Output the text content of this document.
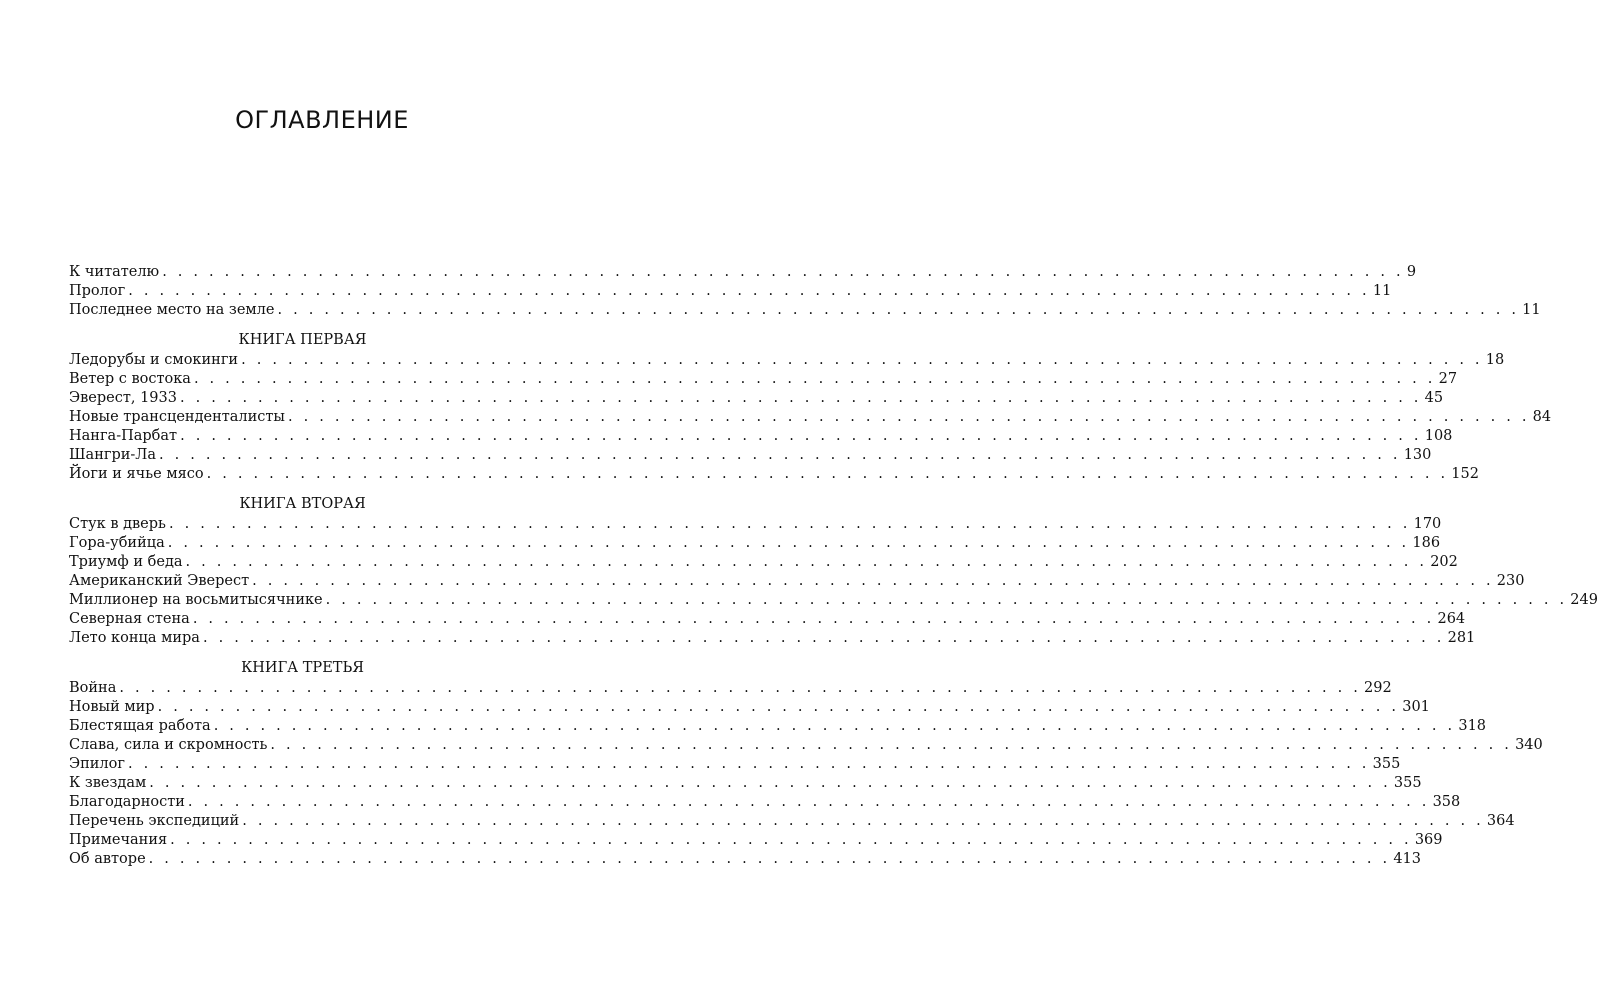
ОГЛАВЛЕНИЕ
К читателю . . . . . . . . . . . . . . . . . . . . . . . . . . . . . . . . . . . . . . . . . . . . . . . . . . . . . . . . . . . . . . . . . . . . . . . . . . . . . . . . 9
Пролог . . . . . . . . . . . . . . . . . . . . . . . . . . . . . . . . . . . . . . . . . . . . . . . . . . . . . . . . . . . . . . . . . . . . . . . . . . . . . . . . 11
Последнее место на земле . . . . . . . . . . . . . . . . . . . . . . . . . . . . . . . . . . . . . . . . . . . . . . . . . . . . . . . . . . . . . . . . . . . . . . . . . . . . . . . . 11
КНИГА ПЕРВАЯ
Ледорубы и смокинги . . . . . . . . . . . . . . . . . . . . . . . . . . . . . . . . . . . . . . . . . . . . . . . . . . . . . . . . . . . . . . . . . . . . . . . . . . . . . . . . 18
Ветер с востока . . . . . . . . . . . . . . . . . . . . . . . . . . . . . . . . . . . . . . . . . . . . . . . . . . . . . . . . . . . . . . . . . . . . . . . . . . . . . . . . 27
Эверест, 1933 . . . . . . . . . . . . . . . . . . . . . . . . . . . . . . . . . . . . . . . . . . . . . . . . . . . . . . . . . . . . . . . . . . . . . . . . . . . . . . . . 45
Новые трансценденталисты . . . . . . . . . . . . . . . . . . . . . . . . . . . . . . . . . . . . . . . . . . . . . . . . . . . . . . . . . . . . . . . . . . . . . . . . . . . . . . . . 84
Нанга-Парбат . . . . . . . . . . . . . . . . . . . . . . . . . . . . . . . . . . . . . . . . . . . . . . . . . . . . . . . . . . . . . . . . . . . . . . . . . . . . . . . . 108
Шангри-Ла . . . . . . . . . . . . . . . . . . . . . . . . . . . . . . . . . . . . . . . . . . . . . . . . . . . . . . . . . . . . . . . . . . . . . . . . . . . . . . . . 130
Йоги и ячье мясо . . . . . . . . . . . . . . . . . . . . . . . . . . . . . . . . . . . . . . . . . . . . . . . . . . . . . . . . . . . . . . . . . . . . . . . . . . . . . . . . 152
КНИГА ВТОРАЯ
Стук в дверь . . . . . . . . . . . . . . . . . . . . . . . . . . . . . . . . . . . . . . . . . . . . . . . . . . . . . . . . . . . . . . . . . . . . . . . . . . . . . . . . 170
Гора-убийца . . . . . . . . . . . . . . . . . . . . . . . . . . . . . . . . . . . . . . . . . . . . . . . . . . . . . . . . . . . . . . . . . . . . . . . . . . . . . . . . 186
Триумф и беда . . . . . . . . . . . . . . . . . . . . . . . . . . . . . . . . . . . . . . . . . . . . . . . . . . . . . . . . . . . . . . . . . . . . . . . . . . . . . . . . 202
Американский Эверест . . . . . . . . . . . . . . . . . . . . . . . . . . . . . . . . . . . . . . . . . . . . . . . . . . . . . . . . . . . . . . . . . . . . . . . . . . . . . . . . 230
Миллионер на восьмитысячнике . . . . . . . . . . . . . . . . . . . . . . . . . . . . . . . . . . . . . . . . . . . . . . . . . . . . . . . . . . . . . . . . . . . . . . . . . . . . . . . . 249
Северная стена . . . . . . . . . . . . . . . . . . . . . . . . . . . . . . . . . . . . . . . . . . . . . . . . . . . . . . . . . . . . . . . . . . . . . . . . . . . . . . . . 264
Лето конца мира . . . . . . . . . . . . . . . . . . . . . . . . . . . . . . . . . . . . . . . . . . . . . . . . . . . . . . . . . . . . . . . . . . . . . . . . . . . . . . . . 281
КНИГА ТРЕТЬЯ
Война . . . . . . . . . . . . . . . . . . . . . . . . . . . . . . . . . . . . . . . . . . . . . . . . . . . . . . . . . . . . . . . . . . . . . . . . . . . . . . . . 292
Новый мир . . . . . . . . . . . . . . . . . . . . . . . . . . . . . . . . . . . . . . . . . . . . . . . . . . . . . . . . . . . . . . . . . . . . . . . . . . . . . . . . 301
Блестящая работа . . . . . . . . . . . . . . . . . . . . . . . . . . . . . . . . . . . . . . . . . . . . . . . . . . . . . . . . . . . . . . . . . . . . . . . . . . . . . . . . 318
Слава, сила и скромность . . . . . . . . . . . . . . . . . . . . . . . . . . . . . . . . . . . . . . . . . . . . . . . . . . . . . . . . . . . . . . . . . . . . . . . . . . . . . . . . 340
Эпилог . . . . . . . . . . . . . . . . . . . . . . . . . . . . . . . . . . . . . . . . . . . . . . . . . . . . . . . . . . . . . . . . . . . . . . . . . . . . . . . . 355
К звездам . . . . . . . . . . . . . . . . . . . . . . . . . . . . . . . . . . . . . . . . . . . . . . . . . . . . . . . . . . . . . . . . . . . . . . . . . . . . . . . . 355
Благодарности . . . . . . . . . . . . . . . . . . . . . . . . . . . . . . . . . . . . . . . . . . . . . . . . . . . . . . . . . . . . . . . . . . . . . . . . . . . . . . . . 358
Перечень экспедиций . . . . . . . . . . . . . . . . . . . . . . . . . . . . . . . . . . . . . . . . . . . . . . . . . . . . . . . . . . . . . . . . . . . . . . . . . . . . . . . . 364
Примечания . . . . . . . . . . . . . . . . . . . . . . . . . . . . . . . . . . . . . . . . . . . . . . . . . . . . . . . . . . . . . . . . . . . . . . . . . . . . . . . . 369
Об авторе . . . . . . . . . . . . . . . . . . . . . . . . . . . . . . . . . . . . . . . . . . . . . . . . . . . . . . . . . . . . . . . . . . . . . . . . . . . . . . . . 413
